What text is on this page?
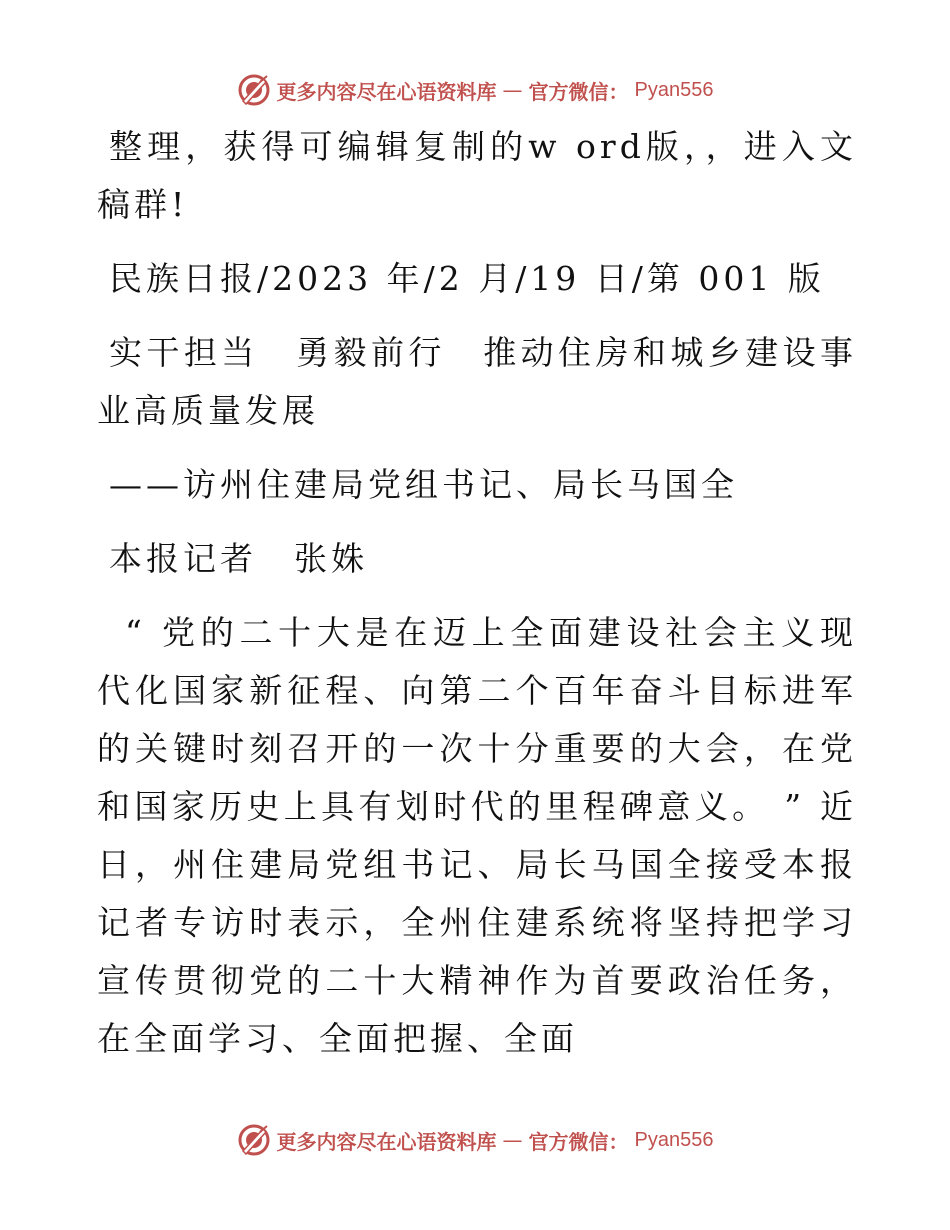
更多内容尽在心语资料库 — 官方微信： Pyan556

整理，获得可编辑复制的w ord版，，进入文稿群!

民族日报/2023 年/2 月/19 日/第 001 版

实干担当　勇毅前行　推动住房和城乡建设事业高质量发展

——访州住建局党组书记、局长马国全

本报记者　张姝

“ 党的二十大是在迈上全面建设社会主义现代化国家新征程、向第二个百年奋斗目标进军的关键时刻召开的一次十分重要的大会，在党和国家历史上具有划时代的里程碑意义。 ” 近日，州住建局党组书记、局长马国全接受本报记者专访时表示，全州住建系统将坚持把学习宣传贯彻党的二十大精神作为首要政治任务，在全面学习、全面把握、全面

更多内容尽在心语资料库 — 官方微信： Pyan556
